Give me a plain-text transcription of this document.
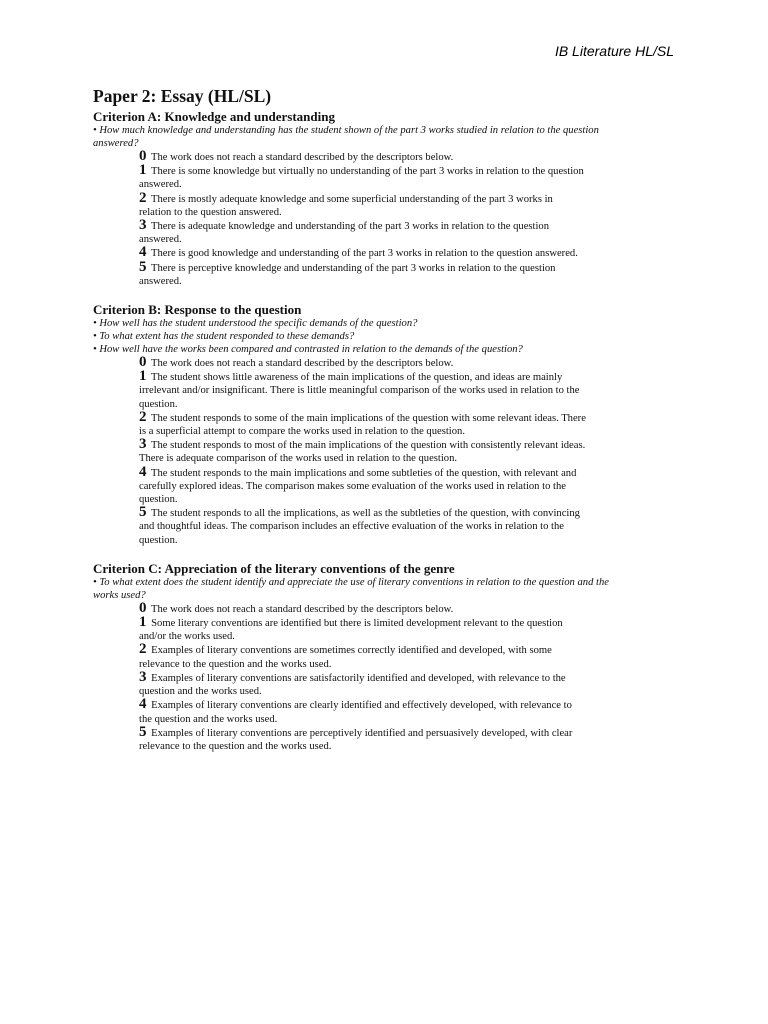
IB Literature HL/SL
Paper 2: Essay (HL/SL)
Criterion A: Knowledge and understanding
• How much knowledge and understanding has the student shown of the part 3 works studied in relation to the question answered?
0 The work does not reach a standard described by the descriptors below.
1 There is some knowledge but virtually no understanding of the part 3 works in relation to the question answered.
2 There is mostly adequate knowledge and some superficial understanding of the part 3 works in relation to the question answered.
3 There is adequate knowledge and understanding of the part 3 works in relation to the question answered.
4 There is good knowledge and understanding of the part 3 works in relation to the question answered.
5 There is perceptive knowledge and understanding of the part 3 works in relation to the question answered.
Criterion B: Response to the question
• How well has the student understood the specific demands of the question?
• To what extent has the student responded to these demands?
• How well have the works been compared and contrasted in relation to the demands of the question?
0 The work does not reach a standard described by the descriptors below.
1 The student shows little awareness of the main implications of the question, and ideas are mainly irrelevant and/or insignificant. There is little meaningful comparison of the works used in relation to the question.
2 The student responds to some of the main implications of the question with some relevant ideas. There is a superficial attempt to compare the works used in relation to the question.
3 The student responds to most of the main implications of the question with consistently relevant ideas. There is adequate comparison of the works used in relation to the question.
4 The student responds to the main implications and some subtleties of the question, with relevant and carefully explored ideas. The comparison makes some evaluation of the works used in relation to the question.
5 The student responds to all the implications, as well as the subtleties of the question, with convincing and thoughtful ideas. The comparison includes an effective evaluation of the works in relation to the question.
Criterion C: Appreciation of the literary conventions of the genre
• To what extent does the student identify and appreciate the use of literary conventions in relation to the question and the works used?
0 The work does not reach a standard described by the descriptors below.
1 Some literary conventions are identified but there is limited development relevant to the question and/or the works used.
2 Examples of literary conventions are sometimes correctly identified and developed, with some relevance to the question and the works used.
3 Examples of literary conventions are satisfactorily identified and developed, with relevance to the question and the works used.
4 Examples of literary conventions are clearly identified and effectively developed, with relevance to the question and the works used.
5 Examples of literary conventions are perceptively identified and persuasively developed, with clear relevance to the question and the works used.
